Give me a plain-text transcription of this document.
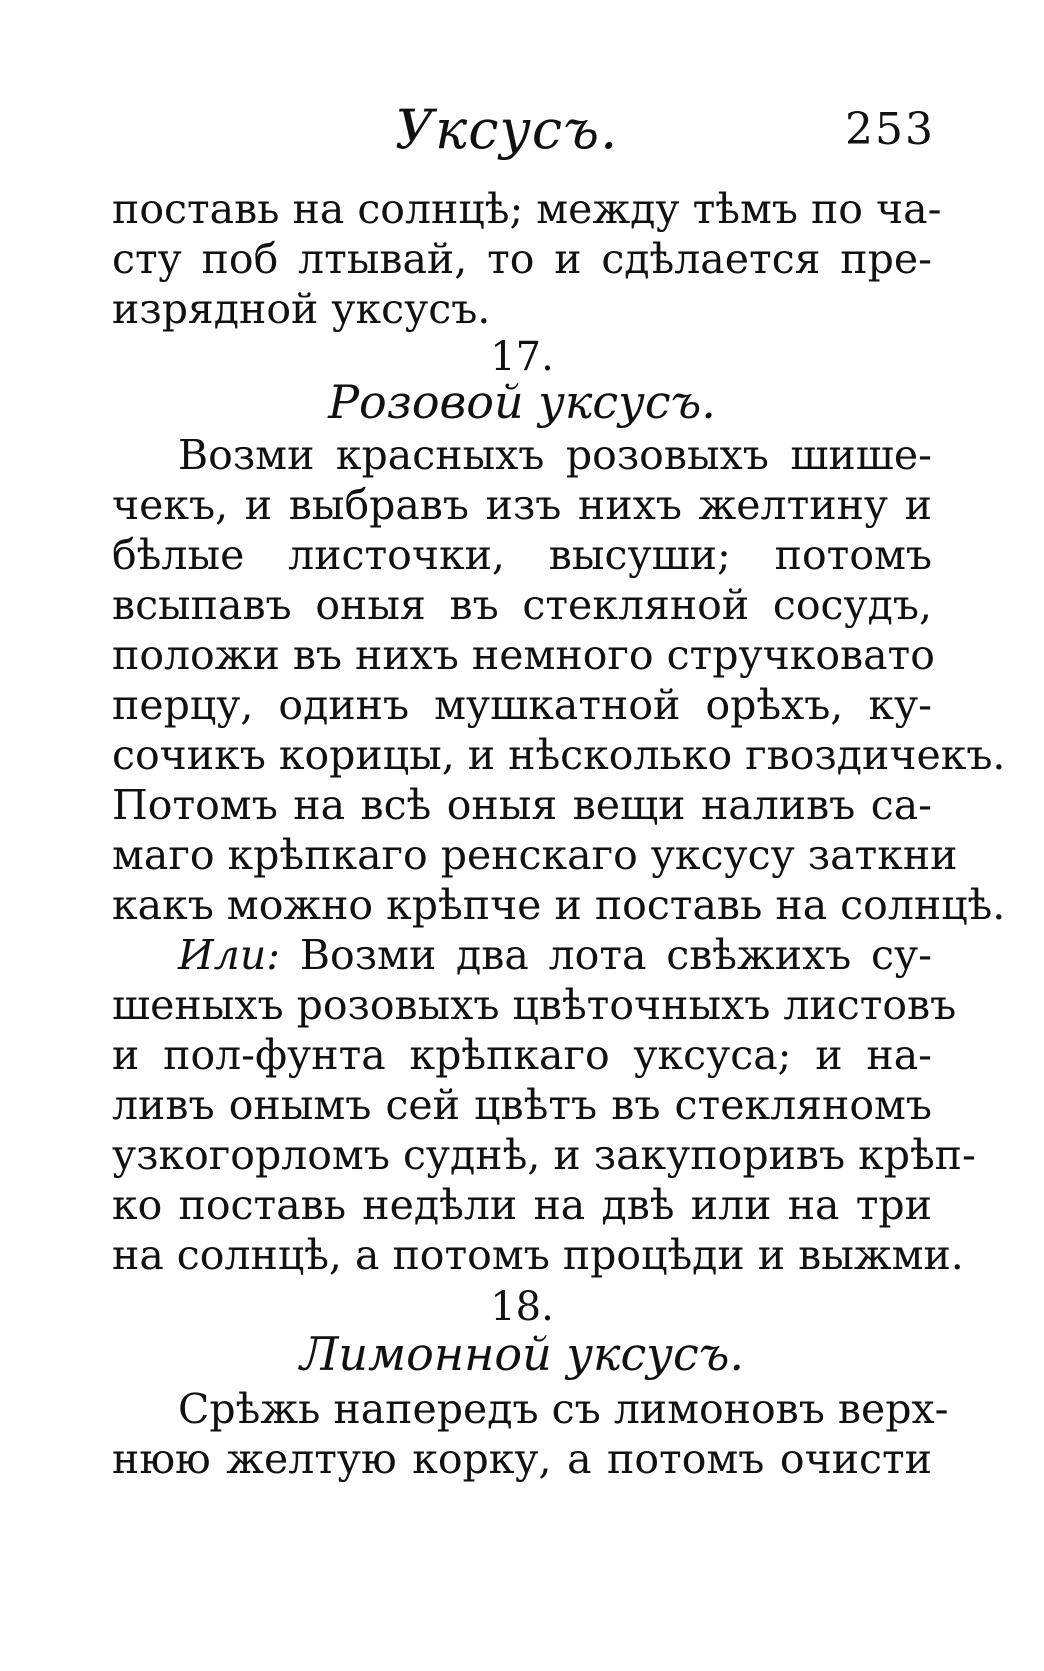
Уксусъ.	253
поставь на солнцѣ; между тѣмъ по ча-
сту поб лтывай, то и сдѣлается пре-
изрядной уксусъ.
17.
Розовой уксусъ.
Возми красныхъ розовыхъ шише-
чекъ, и выбравъ изъ нихъ желтину и
бѣлые листочки, высуши; потомъ
всыпавъ оныя въ стекляной сосудъ,
положи въ нихъ немного стручковато
перцу, одинъ мушкатной орѣхъ, ку-
сочикъ корицы, и нѣсколько гвоздичекъ.
Потомъ на всѣ оныя вещи наливъ са-
маго крѣпкаго ренскаго уксусу заткни
какъ можно крѣпче и поставь на солнцѣ.
Или: Возми два лота свѣжихъ су-
шеныхъ розовыхъ цвѣточныхъ листовъ
и пол-фунта крѣпкаго уксуса; и на-
ливъ онымъ сей цвѣтъ въ стекляномъ
узкогорломъ суднѣ, и закупоривъ крѣп-
ко поставь недѣли на двѣ или на три
на солнцѣ, а потомъ процѣди и выжми.
18.
Лимонной уксусъ.
Срѣжь напередъ съ лимоновъ верх-
нюю желтую корку, а потомъ очисти
